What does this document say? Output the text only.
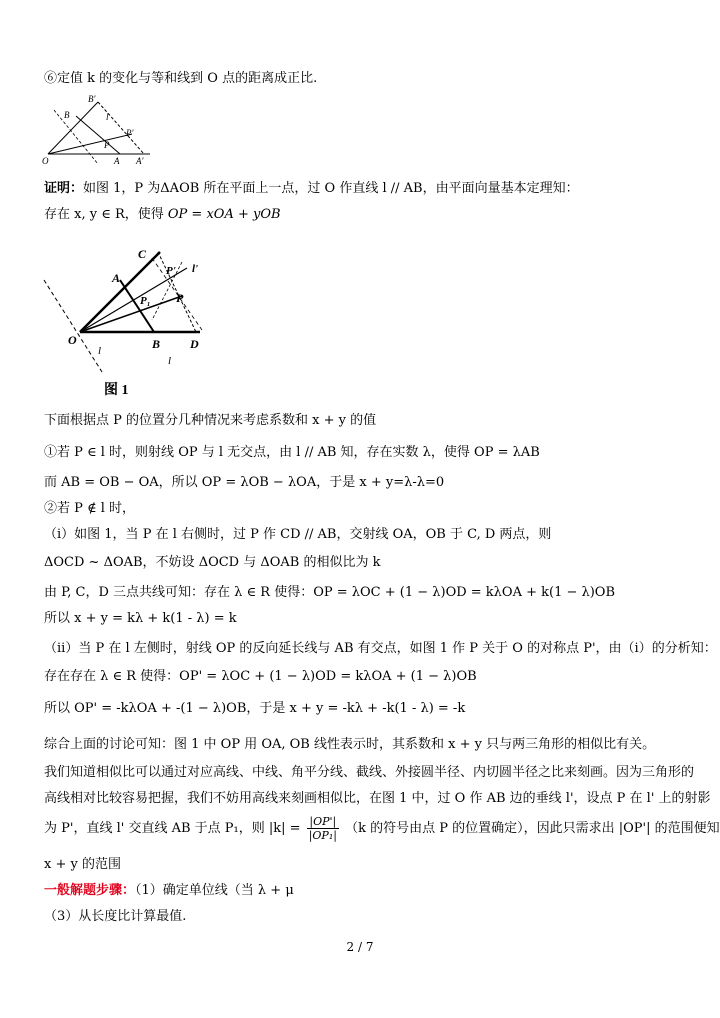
⑥定值 k 的变化与等和线到 O 点的距离成正比.
B'
B	l
P'
P
O	A A'
证明：如图 1，P 为ΔAOB 所在平面上一点，过 O 作直线 l // AB，由平面向量基本定理知：
存在 x, y ∈ R，使得 OP = xOA + yOB
C
P' l'
A
P₁ P
O	B D
l
l
图 1
下面根据点 P 的位置分几种情况来考虑系数和 x + y 的值
①若 P ∈ l 时，则射线 OP 与 l 无交点，由 l // AB 知，存在实数 λ，使得 OP = λAB
而 AB = OB − OA，所以 OP = λOB − λOA，于是 x + y=λ-λ=0
②若 P ∉ l 时，
（i）如图 1，当 P 在 l 右侧时，过 P 作 CD // AB，交射线 OA，OB 于 C, D 两点，则
ΔOCD ~ ΔOAB，不妨设 ΔOCD 与 ΔOAB 的相似比为 k
由 P, C，D 三点共线可知：存在 λ ∈ R 使得：OP = λOC + (1 − λ)OD = kλOA + k(1 − λ)OB
所以 x + y = kλ + k(1 - λ) = k
（ii）当 P 在 l 左侧时，射线 OP 的反向延长线与 AB 有交点，如图 1 作 P 关于 O 的对称点 P'，由（i）的分析知：
存在存在 λ ∈ R 使得：OP' = λOC + (1 − λ)OD = kλOA + (1 − λ)OB
所以 OP' = -kλOA + -(1 − λ)OB，于是 x + y = -kλ + -k(1 - λ) = -k
综合上面的讨论可知：图 1 中 OP 用 OA, OB 线性表示时，其系数和 x + y 只与两三角形的相似比有关。
我们知道相似比可以通过对应高线、中线、角平分线、截线、外接圆半径、内切圆半径之比来刻画。因为三角形的
高线相对比较容易把握，我们不妨用高线来刻画相似比，在图 1 中，过 O 作 AB 边的垂线 l'，设点 P 在 l' 上的射影
为 P'，直线 l' 交直线 AB 于点 P₁，则 $|k| = \frac{|OP'|}{\text{|OP₁|}} (k$ 的符号由点 P 的位置确定），因此只需求出 |OP'| 的范围便知
x + y 的范围
一般解题步骤：（1）确定单位线（当 λ + μ
（3）从长度比计算最值.
2 / 7
